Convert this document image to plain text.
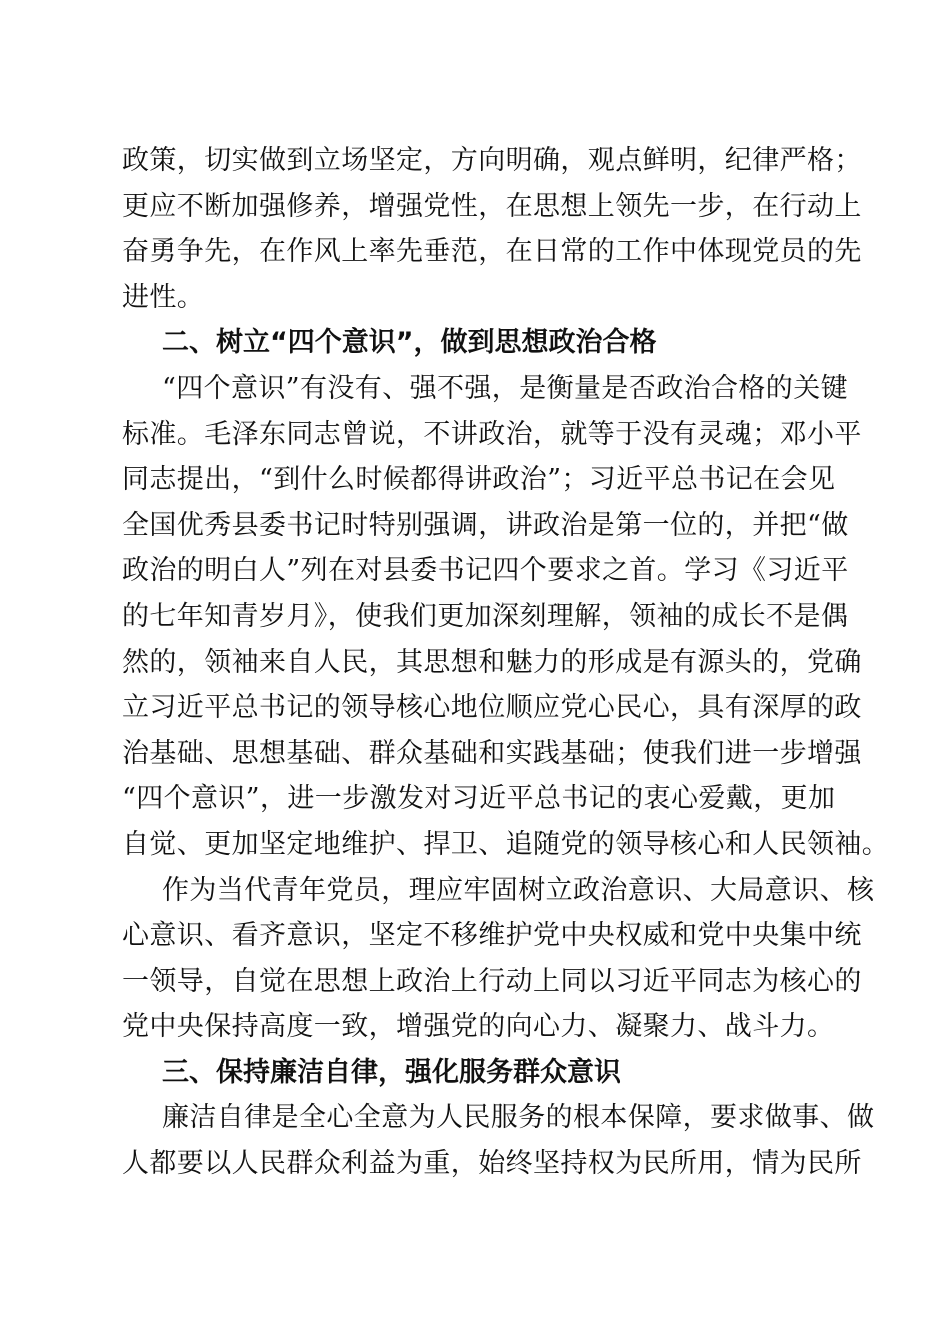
政策，切实做到立场坚定，方向明确，观点鲜明，纪律严格；
更应不断加强修养，增强党性，在思想上领先一步，在行动上
奋勇争先，在作风上率先垂范，在日常的工作中体现党员的先
进性。
二、树立“四个意识”，做到思想政治合格
“四个意识”有没有、强不强，是衡量是否政治合格的关键
标准。毛泽东同志曾说，不讲政治，就等于没有灵魂；邓小平
同志提出，“到什么时候都得讲政治”；习近平总书记在会见
全国优秀县委书记时特别强调，讲政治是第一位的，并把“做
政治的明白人”列在对县委书记四个要求之首。学习《习近平
的七年知青岁月》，使我们更加深刻理解，领袖的成长不是偶
然的，领袖来自人民，其思想和魅力的形成是有源头的，党确
立习近平总书记的领导核心地位顺应党心民心，具有深厚的政
治基础、思想基础、群众基础和实践基础；使我们进一步增强
“四个意识”，进一步激发对习近平总书记的衷心爱戴，更加
自觉、更加坚定地维护、捍卫、追随党的领导核心和人民领袖。
作为当代青年党员，理应牢固树立政治意识、大局意识、核
心意识、看齐意识，坚定不移维护党中央权威和党中央集中统
一领导，自觉在思想上政治上行动上同以习近平同志为核心的
党中央保持高度一致，增强党的向心力、凝聚力、战斗力。
三、保持廉洁自律，强化服务群众意识
廉洁自律是全心全意为人民服务的根本保障，要求做事、做
人都要以人民群众利益为重，始终坚持权为民所用，情为民所
